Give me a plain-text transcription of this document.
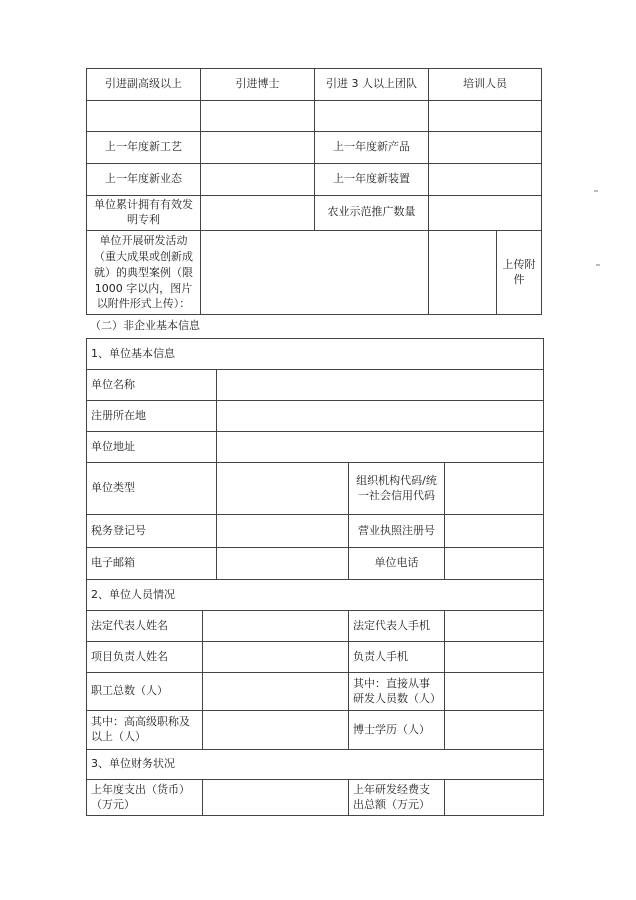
引进副高级以上	引进博士	引进 3 人以上团队	培训人员

上一年度新工艺		上一年度新产品	
上一年度新业态		上一年度新装置	
单位累计拥有有效发明专利		农业示范推广数量	
单位开展研发活动（重大成果或创新成就）的典型案例（限1000 字以内，图片以附件形式上传）：			上传附件
（二）非企业基本信息
1、单位基本信息				
单位名称				
注册所在地				
单位地址				
单位类型			组织机构代码/统一社会信用代码	
税务登记号			营业执照注册号	
电子邮箱			单位电话	
2、单位人员情况				
法定代表人姓名			法定代表人手机	
项目负责人姓名			负责人手机	
职工总数（人）			其中：直接从事研发人员数（人）	
其中：高高级职称及以上（人）			博士学历（人）	
3、单位财务状况				
上年度支出（货币）（万元）			上年研发经费支出总额（万元）	
